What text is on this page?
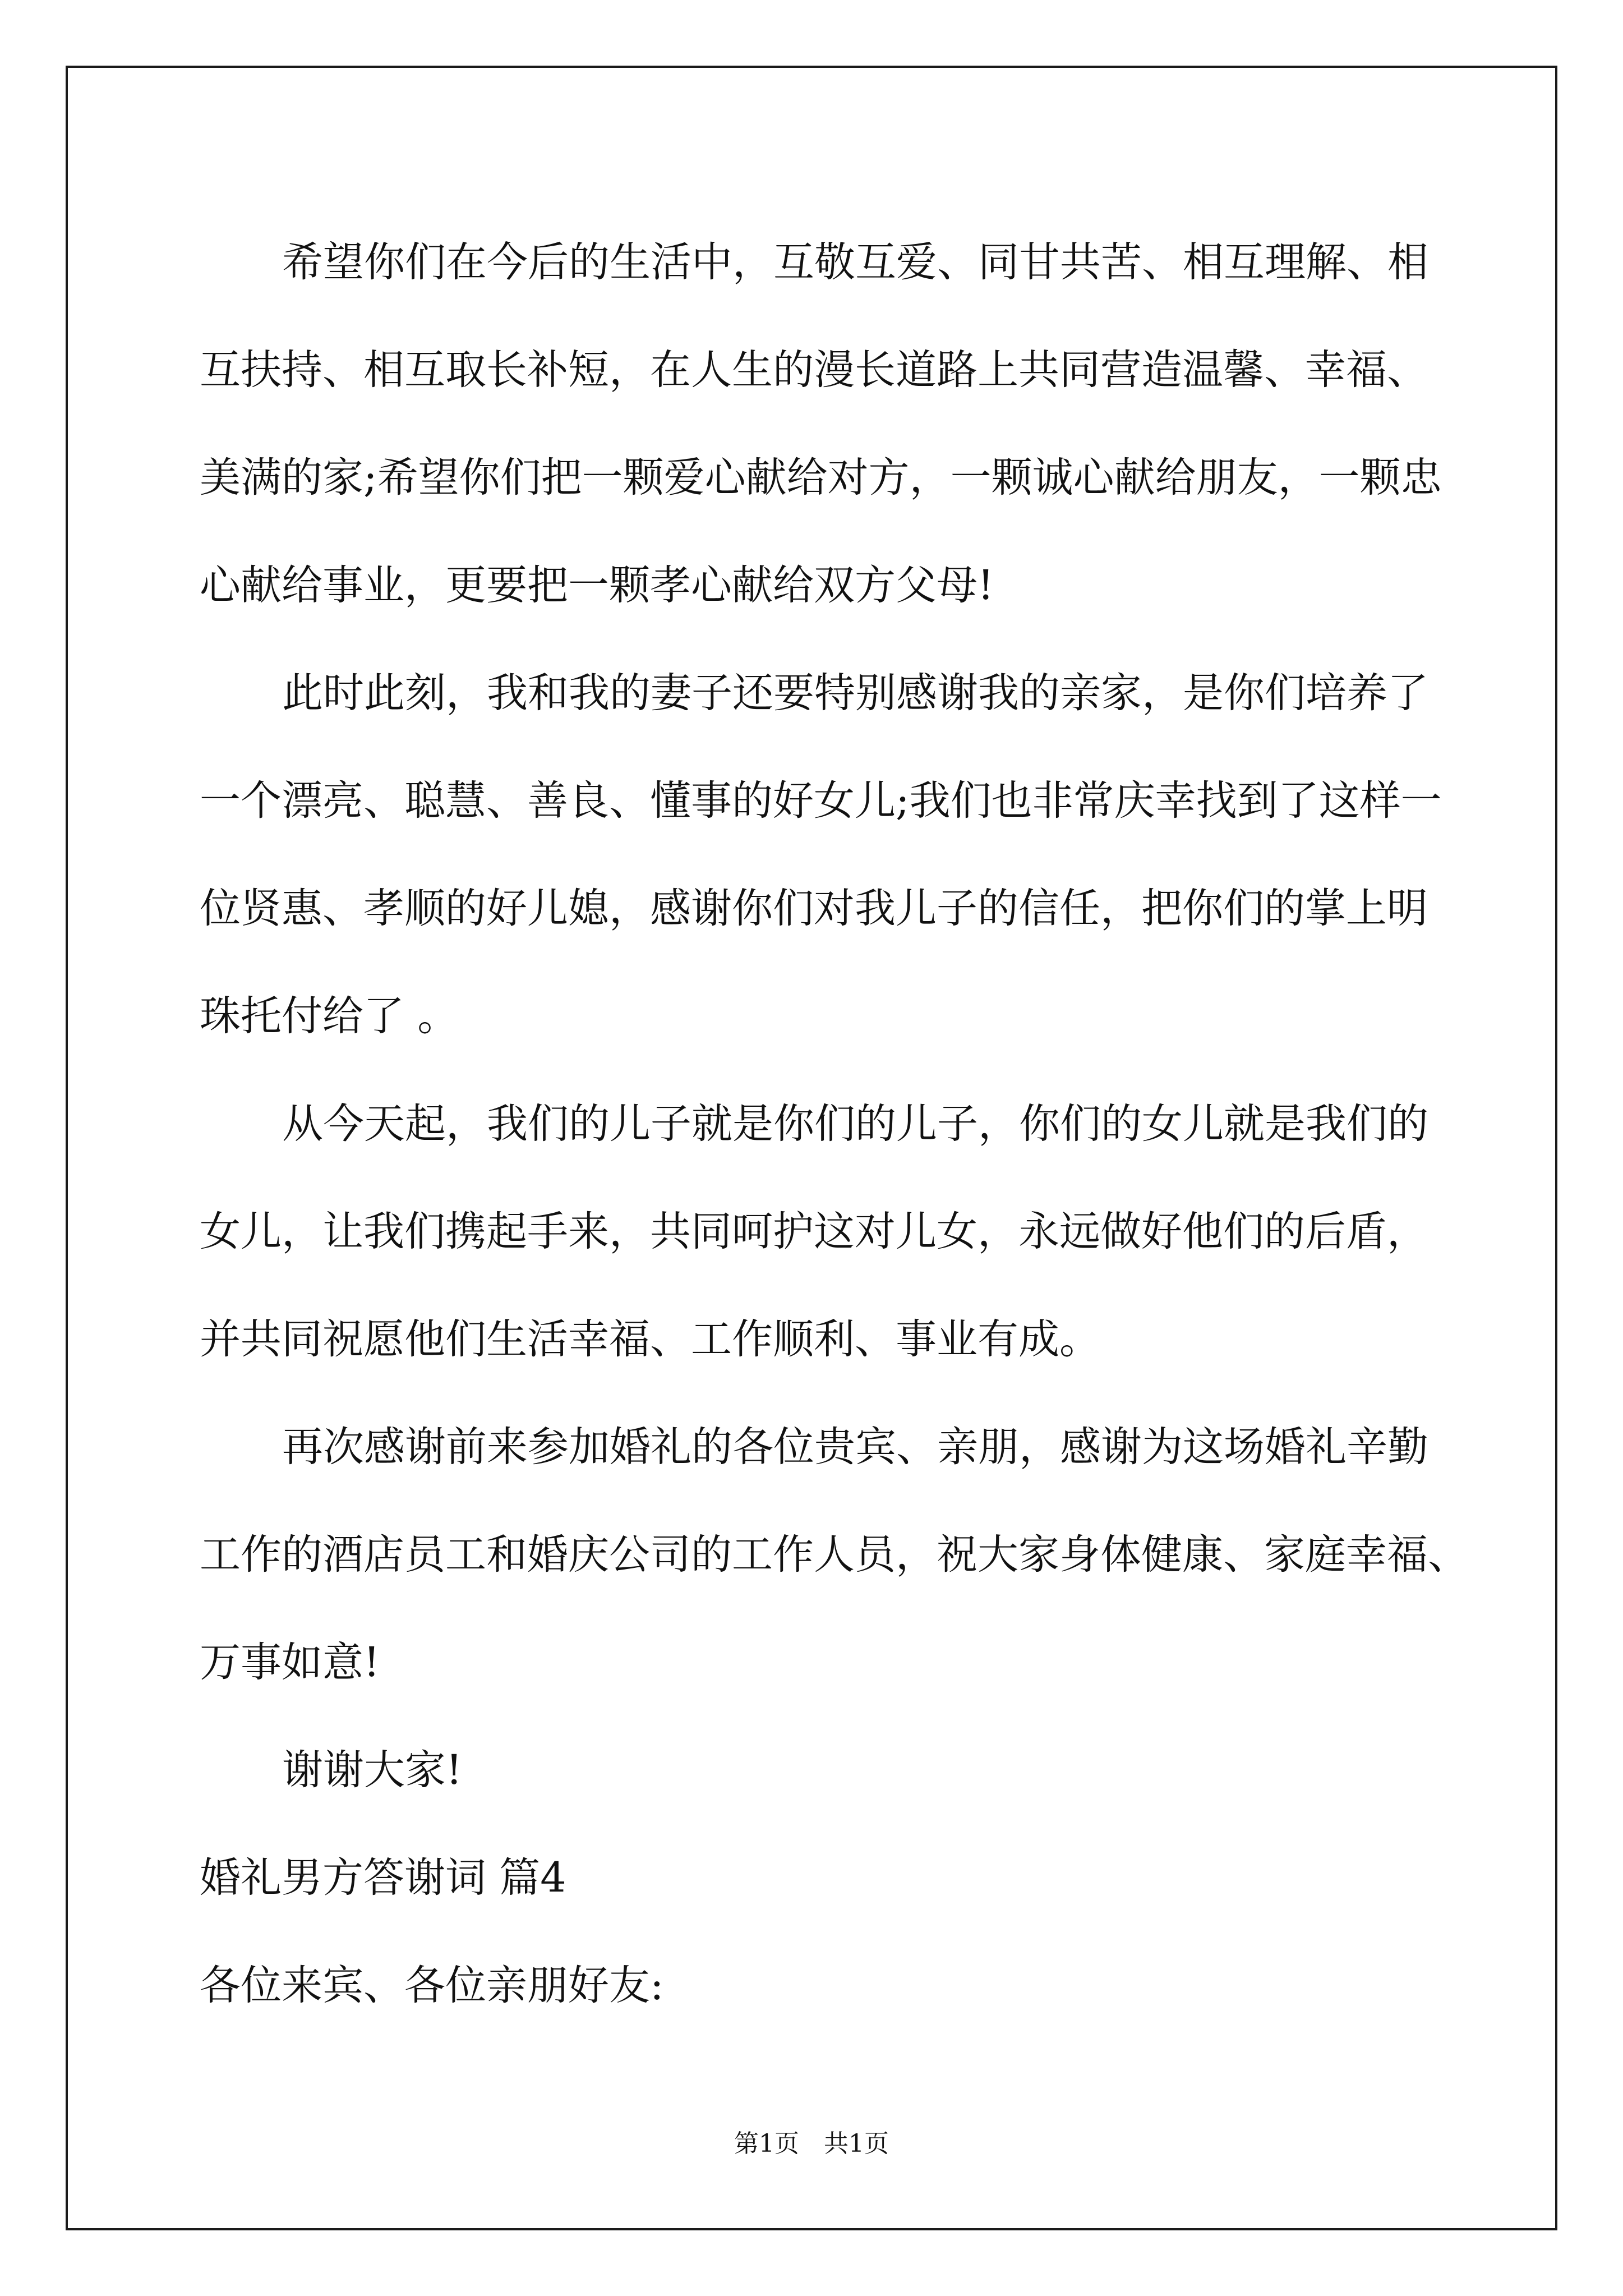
希望你们在今后的生活中，互敬互爱、同甘共苦、相互理解、相
互扶持、相互取长补短，在人生的漫长道路上共同营造温馨、幸福、
美满的家;希望你们把一颗爱心献给对方，一颗诚心献给朋友，一颗忠
心献给事业，更要把一颗孝心献给双方父母!
此时此刻，我和我的妻子还要特别感谢我的亲家，是你们培养了
一个漂亮、聪慧、善良、懂事的好女儿;我们也非常庆幸找到了这样一
位贤惠、孝顺的好儿媳，感谢你们对我儿子的信任，把你们的掌上明
珠托付给了 。
从今天起，我们的儿子就是你们的儿子，你们的女儿就是我们的
女儿，让我们携起手来，共同呵护这对儿女，永远做好他们的后盾，
并共同祝愿他们生活幸福、工作顺利、事业有成。
再次感谢前来参加婚礼的各位贵宾、亲朋，感谢为这场婚礼辛勤
工作的酒店员工和婚庆公司的工作人员，祝大家身体健康、家庭幸福、
万事如意!
谢谢大家!
婚礼男方答谢词 篇4
各位来宾、各位亲朋好友:
第1页 共1页
